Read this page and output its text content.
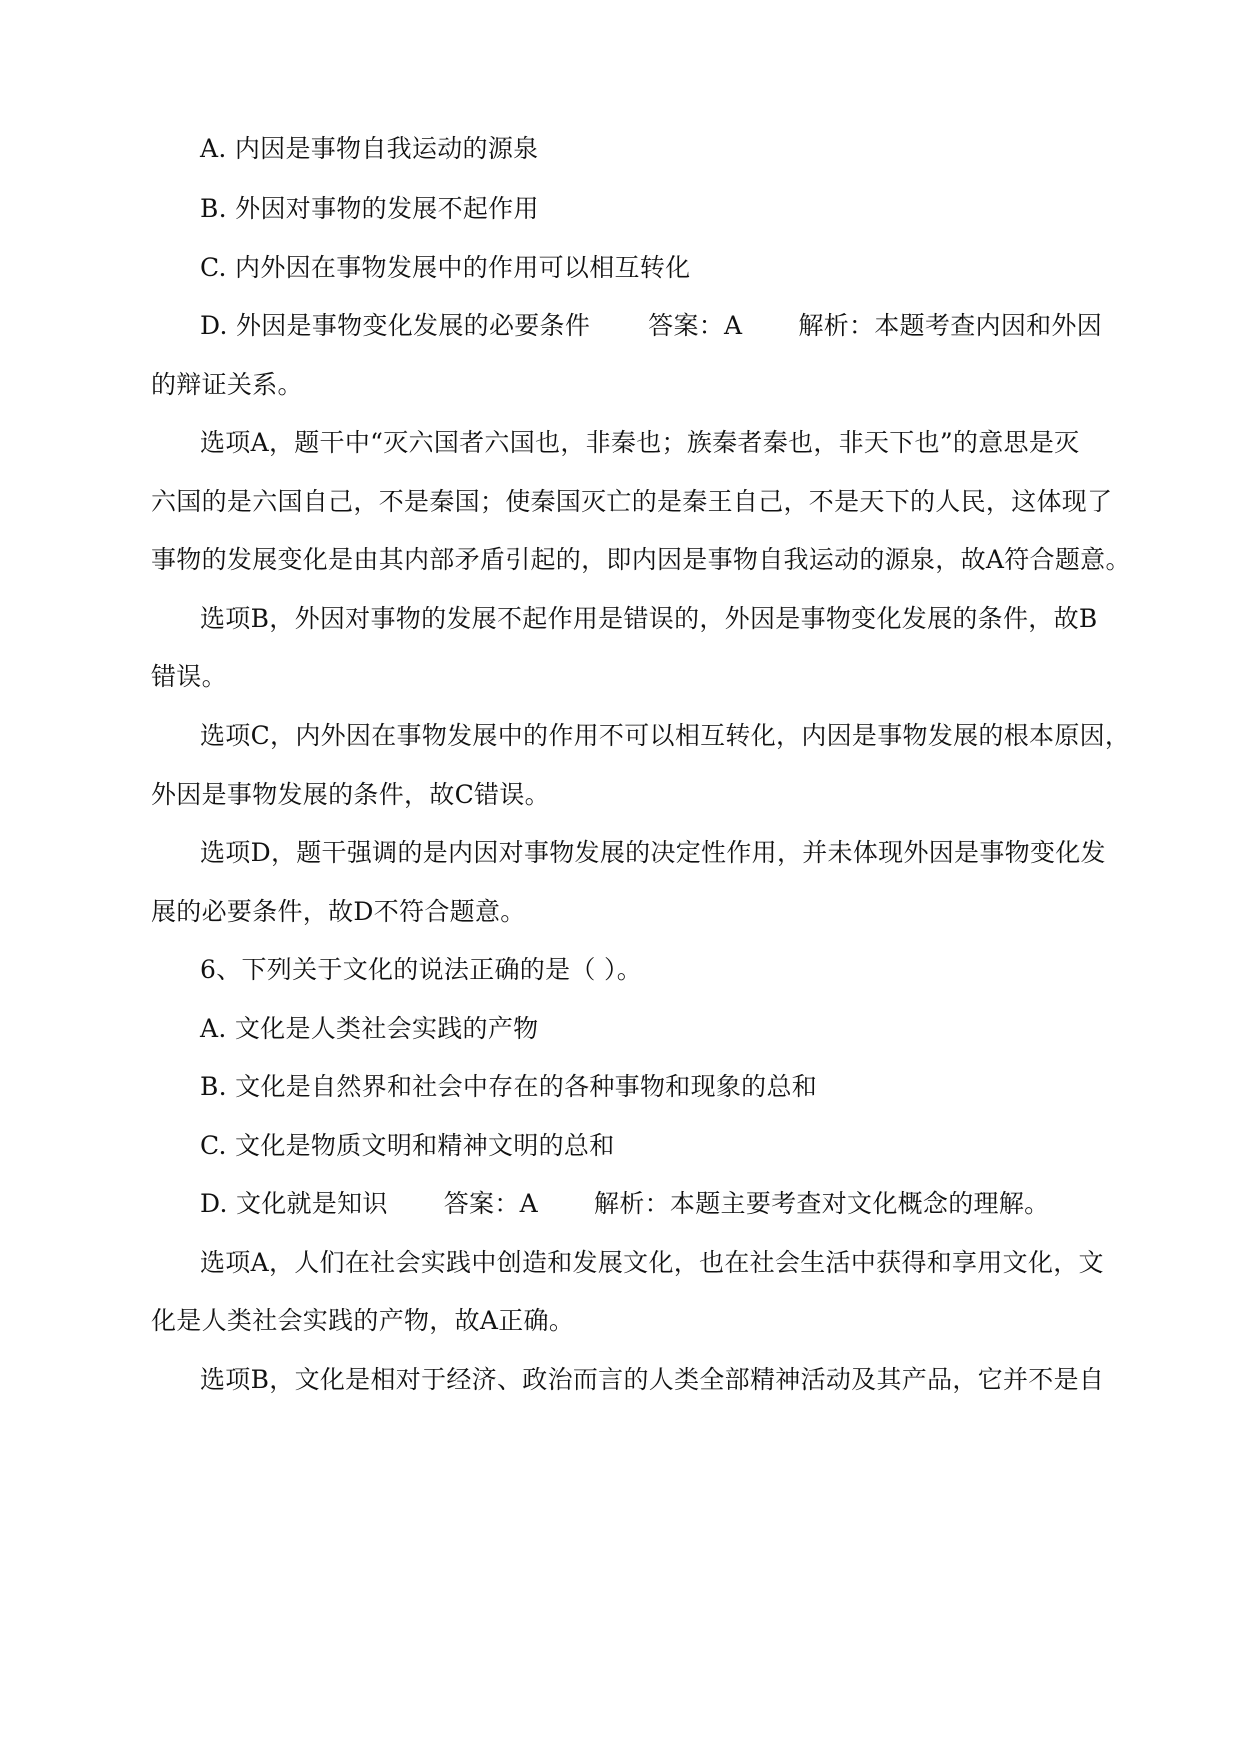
A. 内因是事物自我运动的源泉
B. 外因对事物的发展不起作用
C. 内外因在事物发展中的作用可以相互转化
D. 外因是事物变化发展的必要条件 答案：A 解析：本题考查内因和外因
的辩证关系。
选项A，题干中“灭六国者六国也，非秦也；族秦者秦也，非天下也”的意思是灭
六国的是六国自己，不是秦国；使秦国灭亡的是秦王自己，不是天下的人民，这体现了
事物的发展变化是由其内部矛盾引起的，即内因是事物自我运动的源泉，故A符合题意。
选项B，外因对事物的发展不起作用是错误的，外因是事物变化发展的条件，故B
错误。
选项C，内外因在事物发展中的作用不可以相互转化，内因是事物发展的根本原因，
外因是事物发展的条件，故C错误。
选项D，题干强调的是内因对事物发展的决定性作用，并未体现外因是事物变化发
展的必要条件，故D不符合题意。
6、下列关于文化的说法正确的是（ ）。
A. 文化是人类社会实践的产物
B. 文化是自然界和社会中存在的各种事物和现象的总和
C. 文化是物质文明和精神文明的总和
D. 文化就是知识 答案：A 解析：本题主要考查对文化概念的理解。
选项A，人们在社会实践中创造和发展文化，也在社会生活中获得和享用文化，文
化是人类社会实践的产物，故A正确。
选项B，文化是相对于经济、政治而言的人类全部精神活动及其产品，它并不是自
